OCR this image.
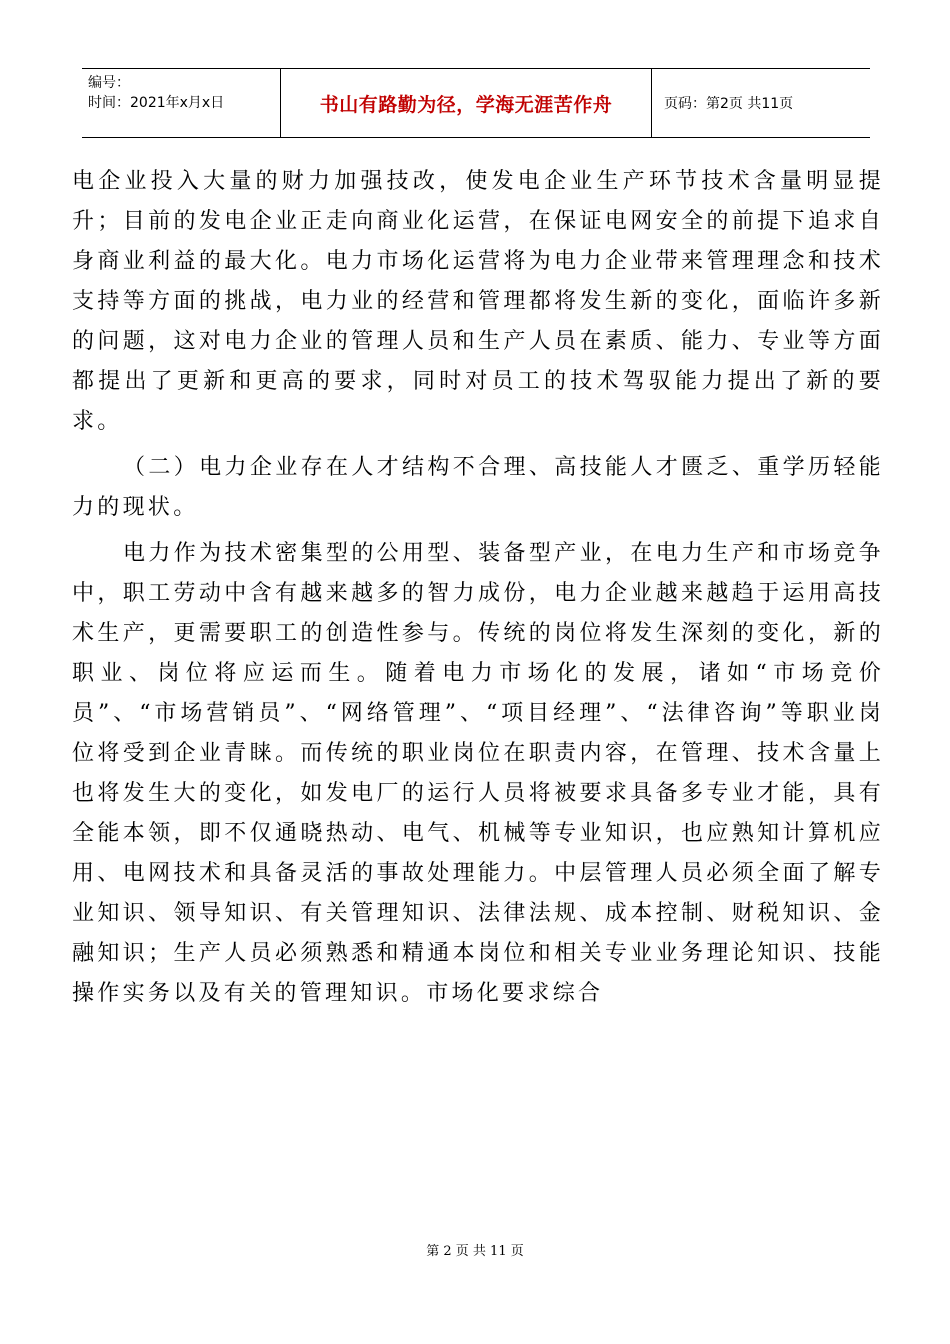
编号：
时间：2021年x月x日	书山有路勤为径，学海无涯苦作舟	页码：第2页 共11页

电企业投入大量的财力加强技改，使发电企业生产环节技术含量明显提升；目前的发电企业正走向商业化运营，在保证电网安全的前提下追求自身商业利益的最大化。电力市场化运营将为电力企业带来管理理念和技术支持等方面的挑战，电力业的经营和管理都将发生新的变化，面临许多新的问题，这对电力企业的管理人员和生产人员在素质、能力、专业等方面都提出了更新和更高的要求，同时对员工的技术驾驭能力提出了新的要求。

（二）电力企业存在人才结构不合理、高技能人才匮乏、重学历轻能力的现状。

电力作为技术密集型的公用型、装备型产业，在电力生产和市场竞争中，职工劳动中含有越来越多的智力成份，电力企业越来越趋于运用高技术生产，更需要职工的创造性参与。传统的岗位将发生深刻的变化，新的职业、岗位将应运而生。随着电力市场化的发展，诸如“市场竞价员”、“市场营销员”、“网络管理”、“项目经理”、“法律咨询”等职业岗位将受到企业青睐。而传统的职业岗位在职责内容，在管理、技术含量上也将发生大的变化，如发电厂的运行人员将被要求具备多专业才能，具有全能本领，即不仅通晓热动、电气、机械等专业知识，也应熟知计算机应用、电网技术和具备灵活的事故处理能力。中层管理人员必须全面了解专业知识、领导知识、有关管理知识、法律法规、成本控制、财税知识、金融知识；生产人员必须熟悉和精通本岗位和相关专业业务理论知识、技能操作实务以及有关的管理知识。市场化要求综合

第 2 页 共 11 页
